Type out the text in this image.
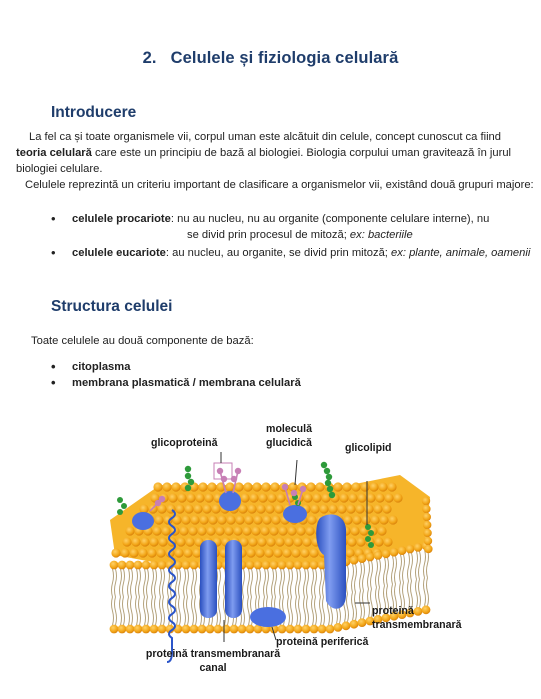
2. Celulele și fiziologia celulară
Introducere
La fel ca și toate organismele vii, corpul uman este alcătuit din celule, concept cunoscut ca fiind teoria celulară care este un principiu de bază al biologiei. Biologia corpului uman gravitează în jurul biologiei celulare.
Celulele reprezintă un criteriu important de clasificare a organismelor vii, existând două grupuri majore:
• celulele procariote: nu au nucleu, nu au organite (componente celulare interne), nu
se divid prin procesul de mitoză; ex: bacteriile
• celulele eucariote: au nucleu, au organite, se divid prin mitoză; ex: plante, animale, oamenii
Structura celulei
Toate celulele au două componente de bază:
• citoplasma
• membrana plasmatică / membrana celulară
glicoproteină
moleculă
glucidică	glicolipid
proteină
transmembranară
proteină periferică
proteină transmembranară
canal
